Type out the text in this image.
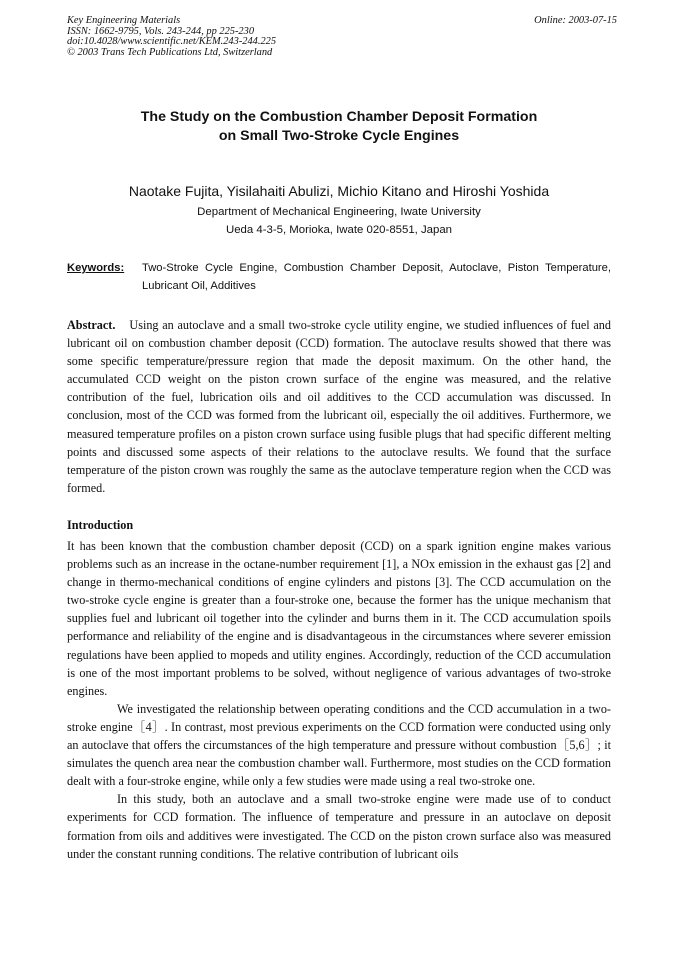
Key Engineering Materials
ISSN: 1662-9795, Vols. 243-244, pp 225-230
doi:10.4028/www.scientific.net/KEM.243-244.225
© 2003 Trans Tech Publications Ltd, Switzerland
Online: 2003-07-15
The Study on the Combustion Chamber Deposit Formation
on Small Two-Stroke Cycle Engines
Naotake Fujita, Yisilahaiti Abulizi, Michio Kitano and Hiroshi Yoshida
Department of Mechanical Engineering, Iwate University
Ueda 4-3-5, Morioka, Iwate 020-8551, Japan
Keywords: Two-Stroke Cycle Engine, Combustion Chamber Deposit, Autoclave, Piston Temperature, Lubricant Oil, Additives
Abstract. Using an autoclave and a small two-stroke cycle utility engine, we studied influences of fuel and lubricant oil on combustion chamber deposit (CCD) formation. The autoclave results showed that there was some specific temperature/pressure region that made the deposit maximum. On the other hand, the accumulated CCD weight on the piston crown surface of the engine was measured, and the relative contribution of the fuel, lubrication oils and oil additives to the CCD accumulation was discussed. In conclusion, most of the CCD was formed from the lubricant oil, especially the oil additives. Furthermore, we measured temperature profiles on a piston crown surface using fusible plugs that had specific different melting points and discussed some aspects of their relations to the autoclave results. We found that the surface temperature of the piston crown was roughly the same as the autoclave temperature region when the CCD was formed.
Introduction

It has been known that the combustion chamber deposit (CCD) on a spark ignition engine makes various problems such as an increase in the octane-number requirement [1], a NOx emission in the exhaust gas [2] and change in thermo-mechanical conditions of engine cylinders and pistons [3]. The CCD accumulation on the two-stroke cycle engine is greater than a four-stroke one, because the former has the unique mechanism that supplies fuel and lubricant oil together into the cylinder and burns them in it. The CCD accumulation spoils performance and reliability of the engine and is disadvantageous in the circumstances where severer emission regulations have been applied to mopeds and utility engines. Accordingly, reduction of the CCD accumulation is one of the most important problems to be solved, without negligence of various advantages of two-stroke engines.

We investigated the relationship between operating conditions and the CCD accumulation in a two-stroke engine［4］. In contrast, most previous experiments on the CCD formation were conducted using only an autoclave that offers the circumstances of the high temperature and pressure without combustion［5,6］; it simulates the quench area near the combustion chamber wall. Furthermore, most studies on the CCD formation dealt with a four-stroke engine, while only a few studies were made using a real two-stroke one.

In this study, both an autoclave and a small two-stroke engine were made use of to conduct experiments for CCD formation. The influence of temperature and pressure in an autoclave on deposit formation from oils and additives were investigated. The CCD on the piston crown surface also was measured under the constant running conditions. The relative contribution of lubricant oils
